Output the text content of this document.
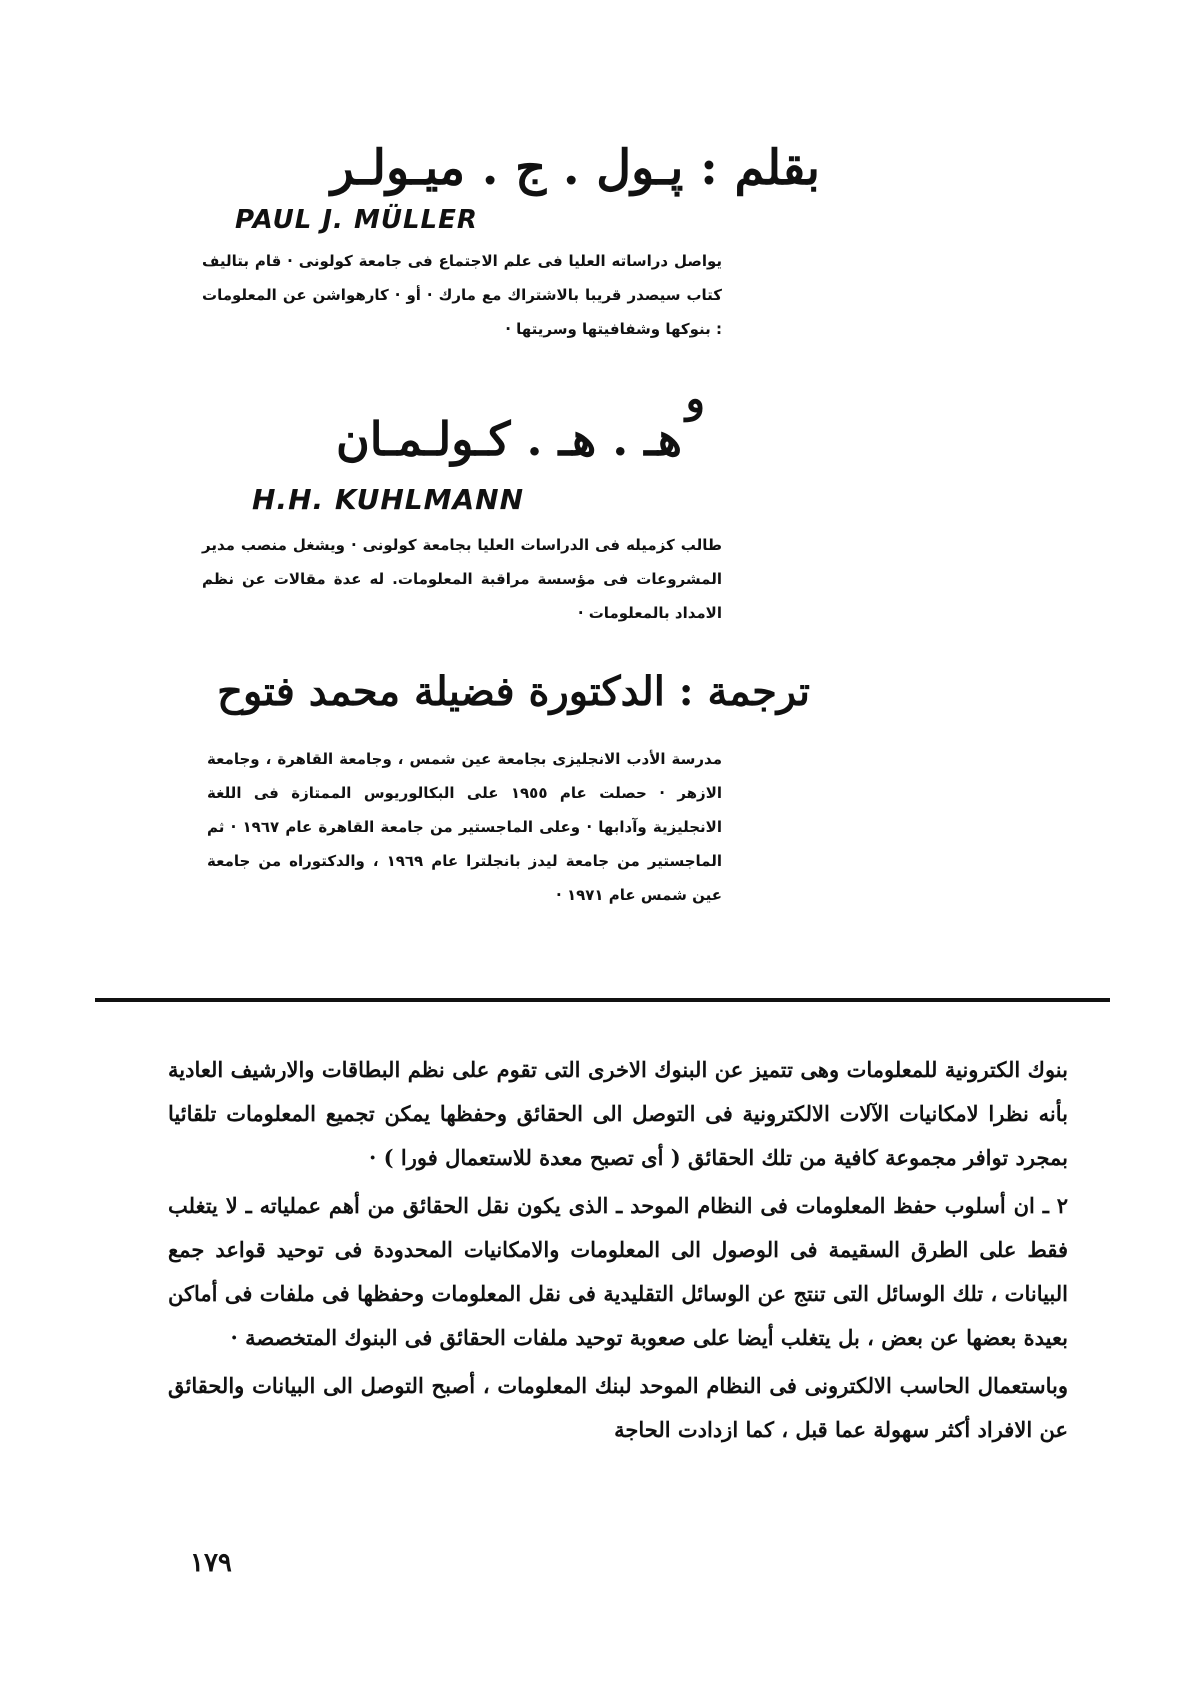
بقلم : پـول . ج . ميـولـر
PAUL J. MÜLLER
يواصل دراساته العليا فى علم الاجتماع فى جامعة كولونى · قام بتاليف كتاب سيصدر قريبا بالاشتراك مع مارك · أو · كارهواشن عن المعلومات : بنوكها وشفافيتها وسريتها ·
و
هـ . هـ . كـولـمـان
H.H. KUHLMANN
طالب كزميله فى الدراسات العليا بجامعة كولونى · ويشغل منصب مدير المشروعات فى مؤسسة مراقبة المعلومات. له عدة مقالات عن نظم الامداد بالمعلومات ·
ترجمة : الدكتورة فضيلة محمد فتوح
مدرسة الأدب الانجليزى بجامعة عين شمس ، وجامعة القاهرة ، وجامعة الازهر · حصلت عام ١٩٥٥ على البكالوريوس الممتازة فى اللغة الانجليزية وآدابها · وعلى الماجستير من جامعة القاهرة عام ١٩٦٧ · ثم الماجستير من جامعة ليدز بانجلترا عام ١٩٦٩ ، والدكتوراه من جامعة عين شمس عام ١٩٧١ ·

بنوك الكترونية للمعلومات وهى تتميز عن البنوك الاخرى التى تقوم على نظم البطاقات والارشيف العادية بأنه نظرا لامكانيات الآلات الالكترونية فى التوصل الى الحقائق وحفظها يمكن تجميع المعلومات تلقائيا بمجرد توافر مجموعة كافية من تلك الحقائق ( أى تصبح معدة للاستعمال فورا ) ·

٢ ـ ان أسلوب حفظ المعلومات فى النظام الموحد ـ الذى يكون نقل الحقائق من أهم عملياته ـ لا يتغلب فقط على الطرق السقيمة فى الوصول الى المعلومات والامكانيات المحدودة فى توحيد قواعد جمع البيانات ، تلك الوسائل التى تنتج عن الوسائل التقليدية فى نقل المعلومات وحفظها فى ملفات فى أماكن بعيدة بعضها عن بعض ، بل يتغلب أيضا على صعوبة توحيد ملفات الحقائق فى البنوك المتخصصة ·

وباستعمال الحاسب الالكترونى فى النظام الموحد لبنك المعلومات ، أصبح التوصل الى البيانات والحقائق عن الافراد أكثر سهولة عما قبل ، كما ازدادت الحاجة

١٧٩
